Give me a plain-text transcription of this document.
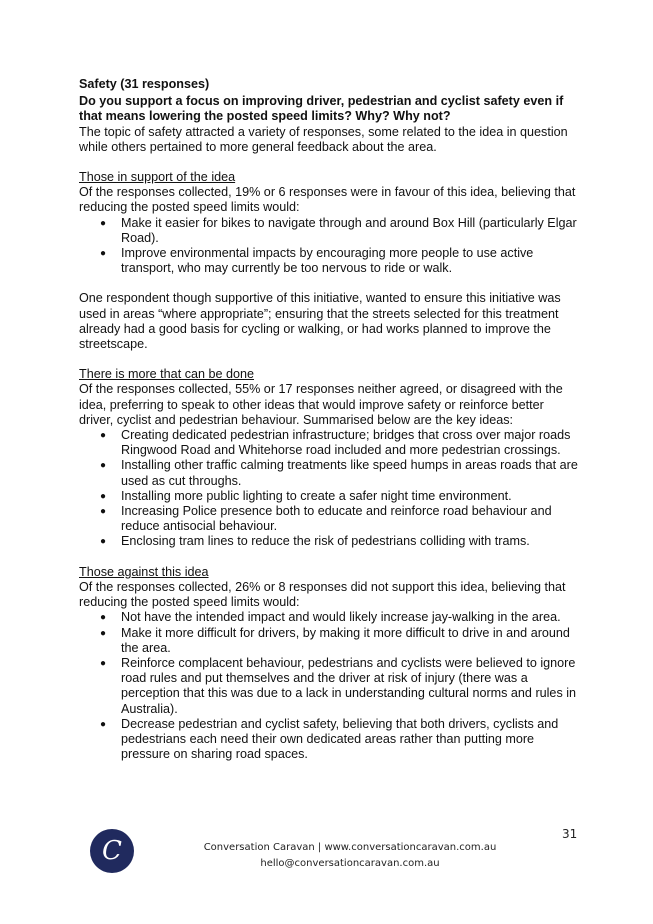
Safety (31 responses)

Do you support a focus on improving driver, pedestrian and cyclist safety even if that means lowering the posted speed limits? Why? Why not?

The topic of safety attracted a variety of responses, some related to the idea in question while others pertained to more general feedback about the area.

Those in support of the idea

Of the responses collected, 19% or 6 responses were in favour of this idea, believing that reducing the posted speed limits would:

● Make it easier for bikes to navigate through and around Box Hill (particularly Elgar Road).
● Improve environmental impacts by encouraging more people to use active transport, who may currently be too nervous to ride or walk.

One respondent though supportive of this initiative, wanted to ensure this initiative was used in areas “where appropriate”; ensuring that the streets selected for this treatment already had a good basis for cycling or walking, or had works planned to improve the streetscape.

There is more that can be done

Of the responses collected, 55% or 17 responses neither agreed, or disagreed with the idea, preferring to speak to other ideas that would improve safety or reinforce better driver, cyclist and pedestrian behaviour. Summarised below are the key ideas:

● Creating dedicated pedestrian infrastructure; bridges that cross over major roads Ringwood Road and Whitehorse road included and more pedestrian crossings.
● Installing other traffic calming treatments like speed humps in areas roads that are used as cut throughs.
● Installing more public lighting to create a safer night time environment.
● Increasing Police presence both to educate and reinforce road behaviour and reduce antisocial behaviour.
● Enclosing tram lines to reduce the risk of pedestrians colliding with trams.

Those against this idea

Of the responses collected, 26% or 8 responses did not support this idea, believing that reducing the posted speed limits would:

● Not have the intended impact and would likely increase jay-walking in the area.
● Make it more difficult for drivers, by making it more difficult to drive in and around the area.
● Reinforce complacent behaviour, pedestrians and cyclists were believed to ignore road rules and put themselves and the driver at risk of injury (there was a perception that this was due to a lack in understanding cultural norms and rules in Australia).
● Decrease pedestrian and cyclist safety, believing that both drivers, cyclists and pedestrians each need their own dedicated areas rather than putting more pressure on sharing road spaces.
C
31
Conversation Caravan | www.conversationcaravan.com.au
hello@conversationcaravan.com.au
